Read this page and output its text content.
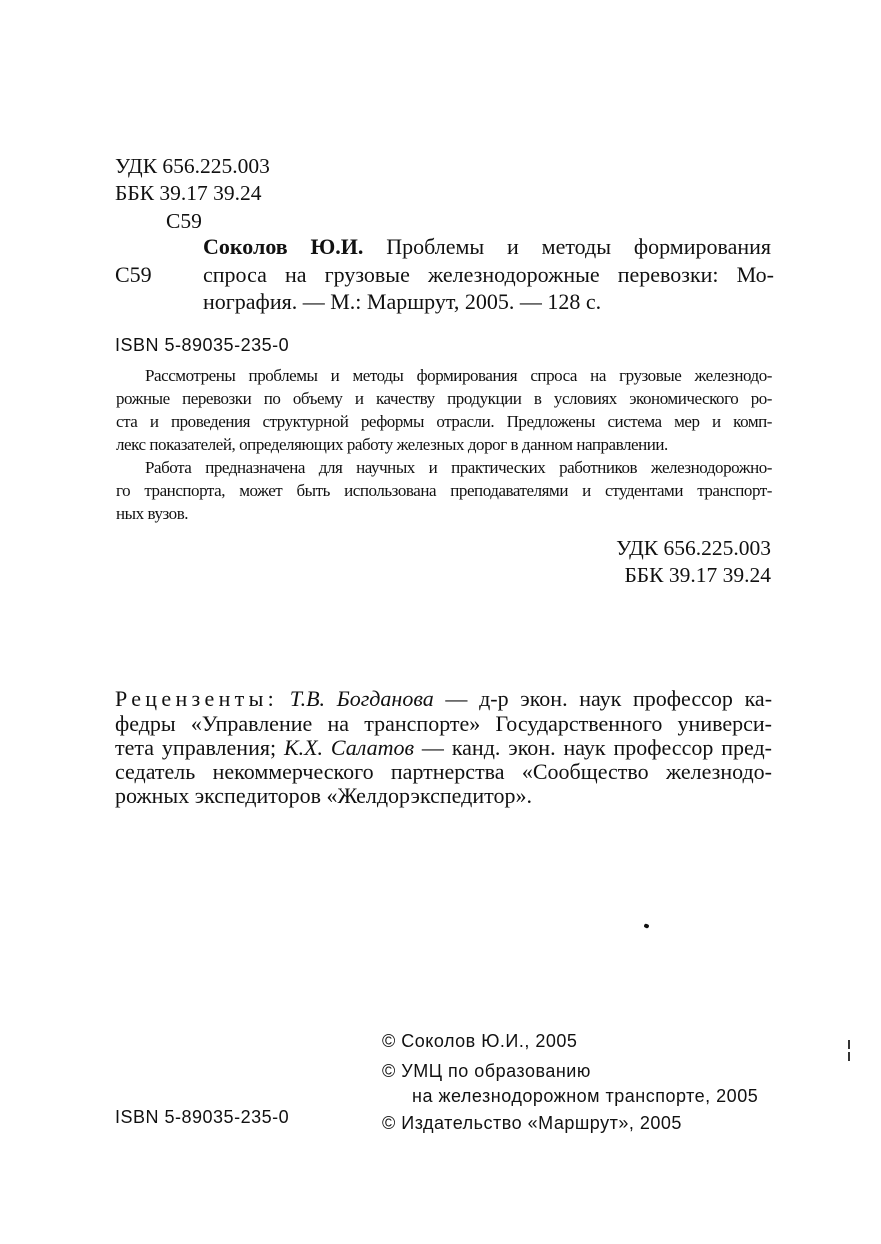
УДК 656.225.003
ББК 39.17 39.24
С59
С59
Соколов Ю.И. Проблемы и методы формирования
спроса на грузовые железнодорожные перевозки: Мо-
нография. — М.: Маршрут, 2005. — 128 с.
ISBN 5-89035-235-0
Рассмотрены проблемы и методы формирования спроса на грузовые железнодо-
рожные перевозки по объему и качеству продукции в условиях экономического ро-
ста и проведения структурной реформы отрасли. Предложены система мер и комп-
лекс показателей, определяющих работу железных дорог в данном направлении.
Работа предназначена для научных и практических работников железнодорожно-
го транспорта, может быть использована преподавателями и студентами транспорт-
ных вузов.
УДК 656.225.003
ББК 39.17 39.24
Рецензенты: Т.В. Богданова — д-р экон. наук профессор ка-
федры «Управление на транспорте» Государственного универси-
тета управления; К.Х. Салатов — канд. экон. наук профессор пред-
седатель некоммерческого партнерства «Сообщество железнодо-
рожных экспедиторов «Желдорэкспедитор».
© Соколов Ю.И., 2005
© УМЦ по образованию
на железнодорожном транспорте, 2005
© Издательство «Маршрут», 2005
ISBN 5-89035-235-0
